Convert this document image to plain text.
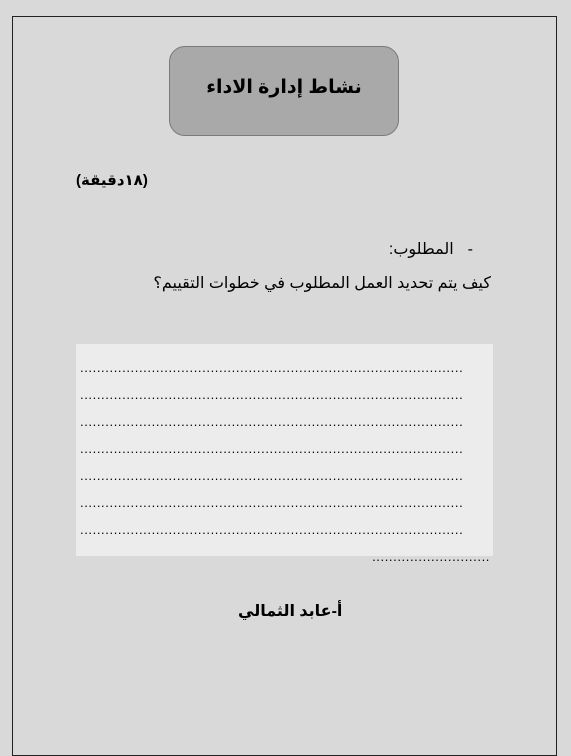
نشاط إدارة الاداء
(١٨دقيقة)
-المطلوب:
كيف يتم تحديد العمل المطلوب في خطوات التقييم؟
...........................................................................................
...........................................................................................
...........................................................................................
...........................................................................................
...........................................................................................
...........................................................................................
...........................................................................................
............................
أ-عابد الثمالي
